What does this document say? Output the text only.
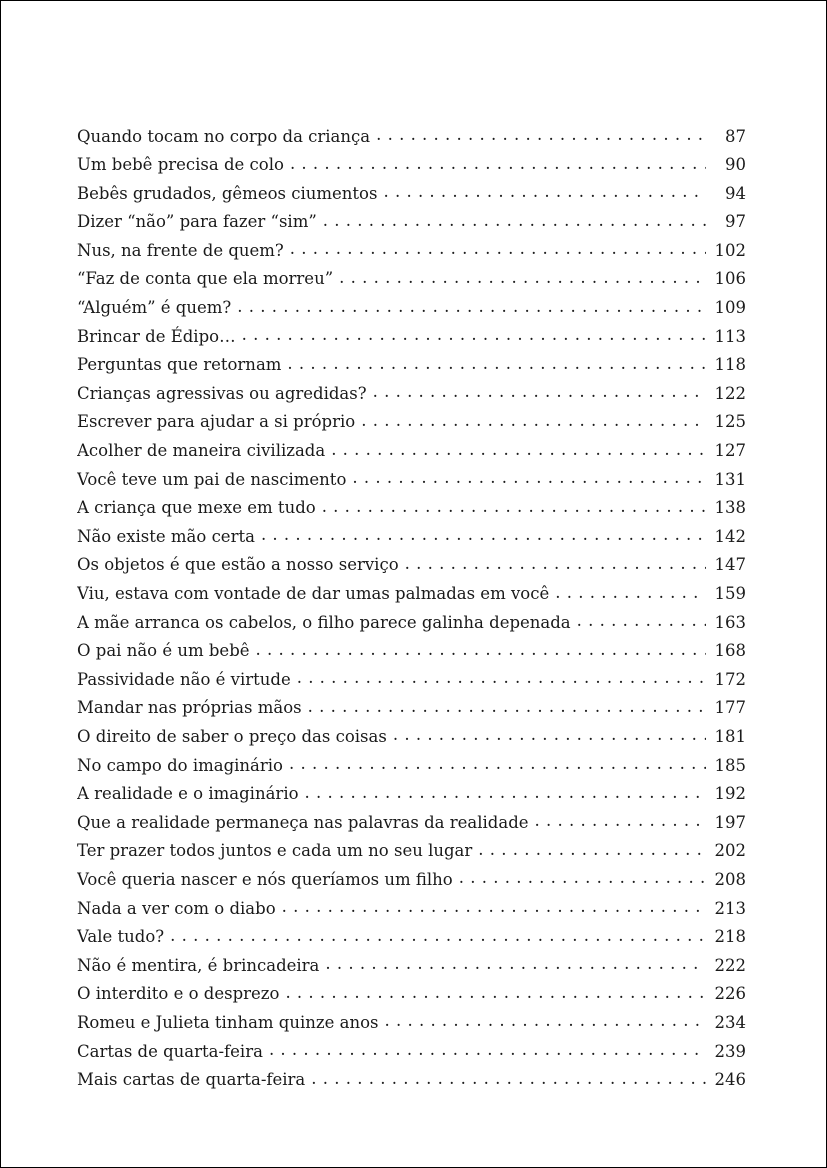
Quando tocam no corpo da criança . . .	87
Um bebê precisa de colo . . .	90
Bebês grudados, gêmeos ciumentos . . .	94
Dizer “não” para fazer “sim” . . .	97
Nus, na frente de quem? . . .	102
“Faz de conta que ela morreu” . . .	106
“Alguém” é quem? . . .	109
Brincar de Édipo… . . .	113
Perguntas que retornam . . .	118
Crianças agressivas ou agredidas? . . .	122
Escrever para ajudar a si próprio . . .	125
Acolher de maneira civilizada . . .	127
Você teve um pai de nascimento . . .	131
A criança que mexe em tudo . . .	138
Não existe mão certa . . .	142
Os objetos é que estão a nosso serviço . . .	147
Viu, estava com vontade de dar umas palmadas em você . . .	159
A mãe arranca os cabelos, o filho parece galinha depenada . . .	163
O pai não é um bebê . . .	168
Passividade não é virtude . . .	172
Mandar nas próprias mãos . . .	177
O direito de saber o preço das coisas . . .	181
No campo do imaginário . . .	185
A realidade e o imaginário . . .	192
Que a realidade permaneça nas palavras da realidade . . .	197
Ter prazer todos juntos e cada um no seu lugar . . .	202
Você queria nascer e nós queríamos um filho . . .	208
Nada a ver com o diabo . . .	213
Vale tudo? . . .	218
Não é mentira, é brincadeira . . .	222
O interdito e o desprezo . . .	226
Romeu e Julieta tinham quinze anos . . .	234
Cartas de quarta-feira . . .	239
Mais cartas de quarta-feira . . .	246
